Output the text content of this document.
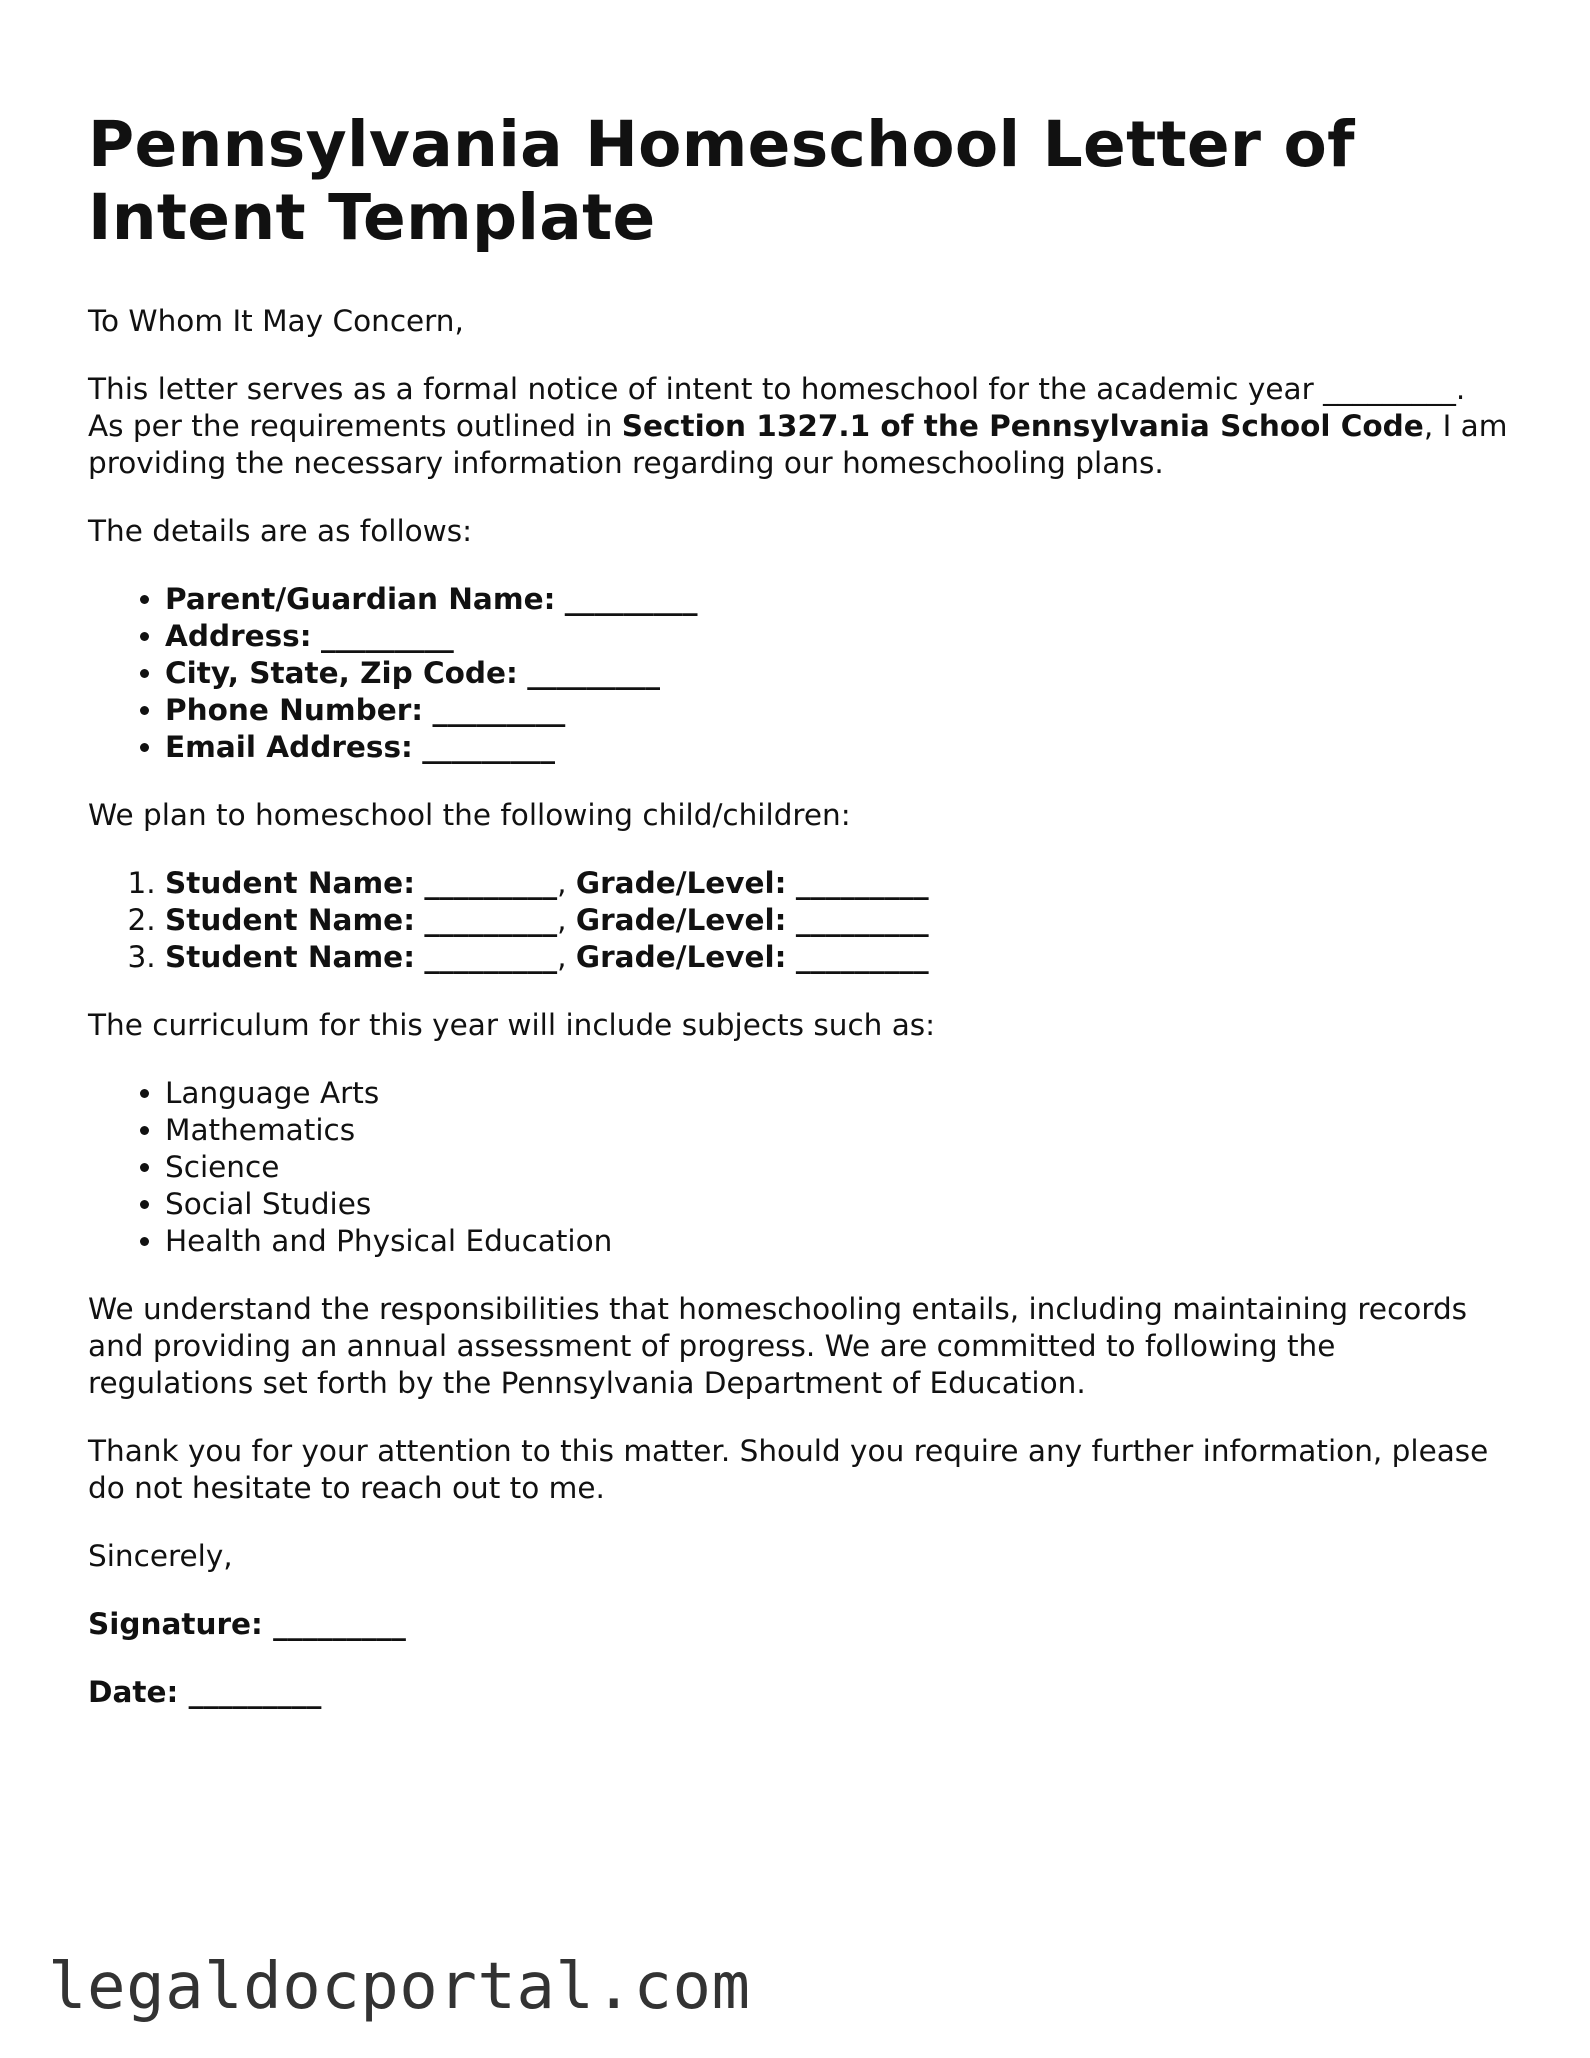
Pennsylvania Homeschool Letter of Intent Template

To Whom It May Concern,

This letter serves as a formal notice of intent to homeschool for the academic year _________. As per the requirements outlined in Section 1327.1 of the Pennsylvania School Code, I am providing the necessary information regarding our homeschooling plans.

The details are as follows:

• Parent/Guardian Name: _________
• Address: _________
• City, State, Zip Code: _________
• Phone Number: _________
• Email Address: _________

We plan to homeschool the following child/children:

1. Student Name: _________, Grade/Level: _________
2. Student Name: _________, Grade/Level: _________
3. Student Name: _________, Grade/Level: _________

The curriculum for this year will include subjects such as:

• Language Arts
• Mathematics
• Science
• Social Studies
• Health and Physical Education

We understand the responsibilities that homeschooling entails, including maintaining records and providing an annual assessment of progress. We are committed to following the regulations set forth by the Pennsylvania Department of Education.

Thank you for your attention to this matter. Should you require any further information, please do not hesitate to reach out to me.

Sincerely,

Signature: _________

Date: _________

legaldocportal.com
